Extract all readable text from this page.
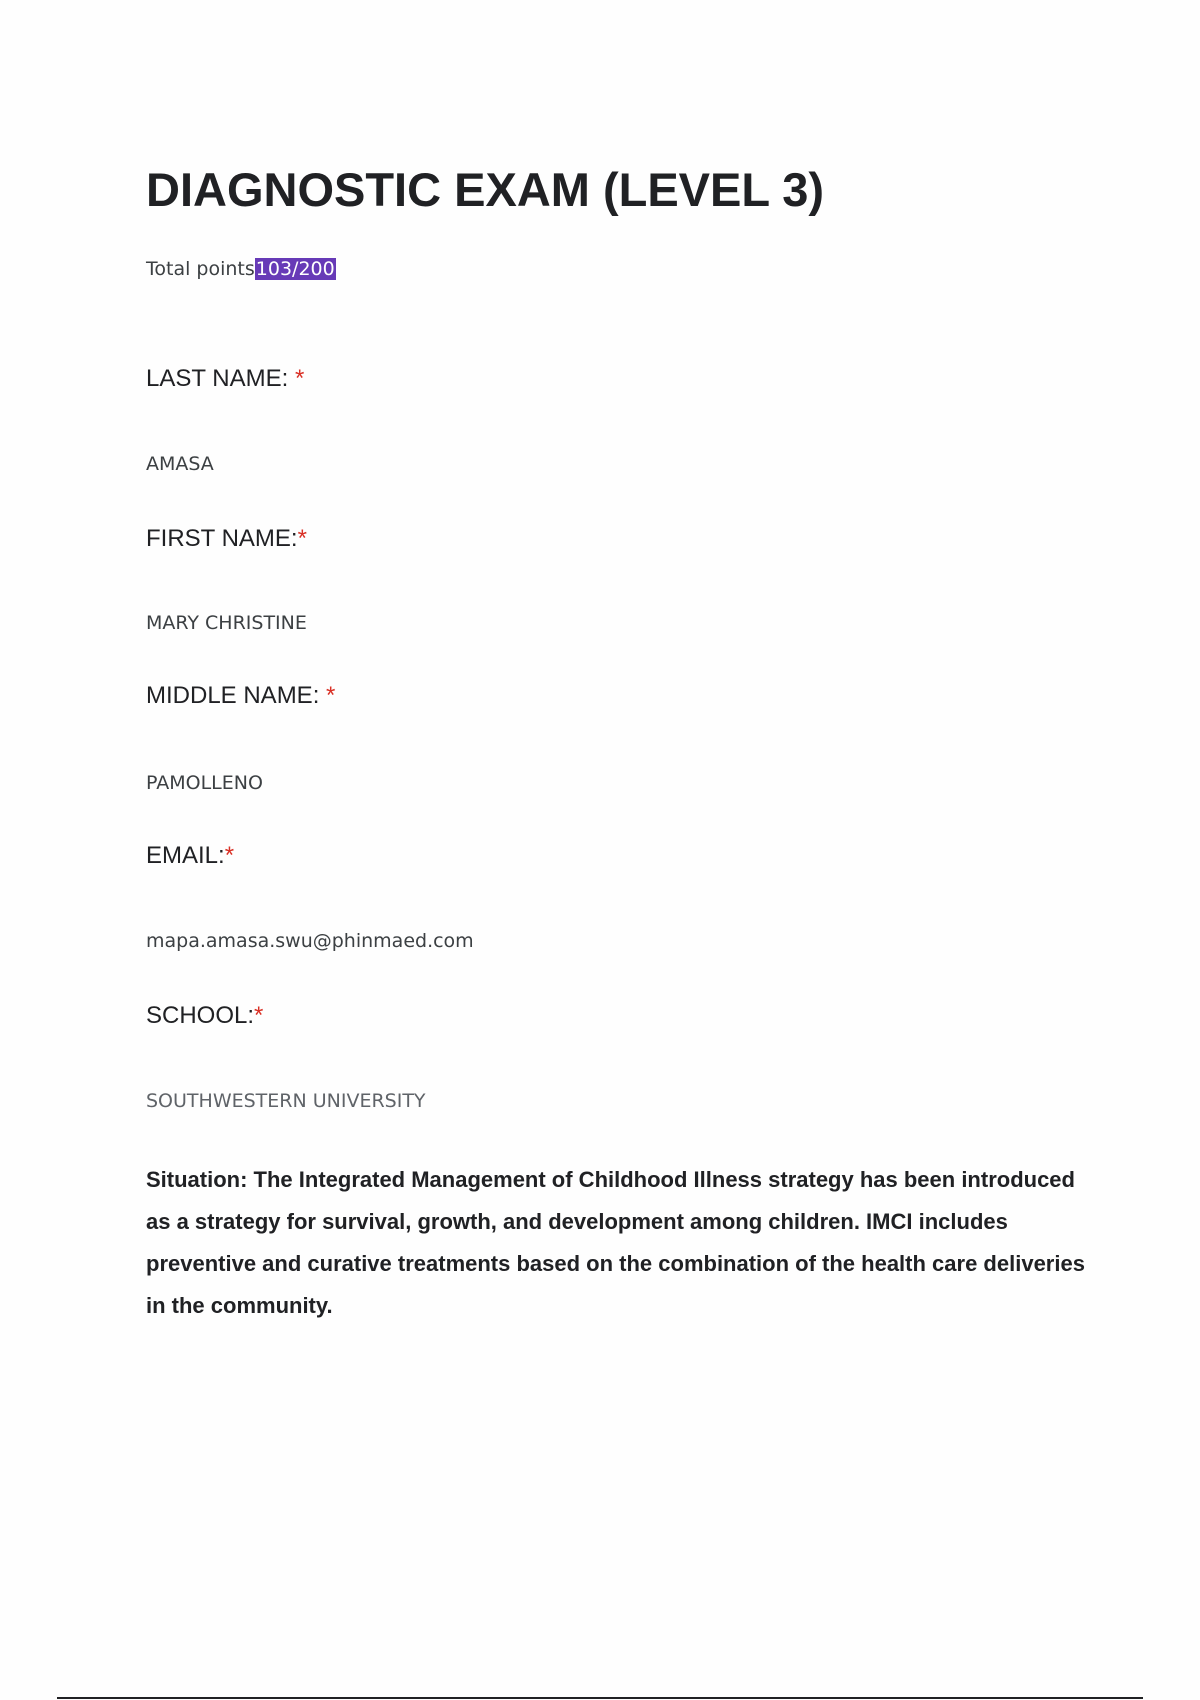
DIAGNOSTIC EXAM (LEVEL 3)
Total points103/200
LAST NAME: *
AMASA
FIRST NAME:*
MARY CHRISTINE
MIDDLE NAME: *
PAMOLLENO
EMAIL:*
mapa.amasa.swu@phinmaed.com
SCHOOL:*
SOUTHWESTERN UNIVERSITY

Situation: The Integrated Management of Childhood Illness strategy has been introduced as a strategy for survival, growth, and development among children. IMCI includes preventive and curative treatments based on the combination of the health care deliveries in the community.
